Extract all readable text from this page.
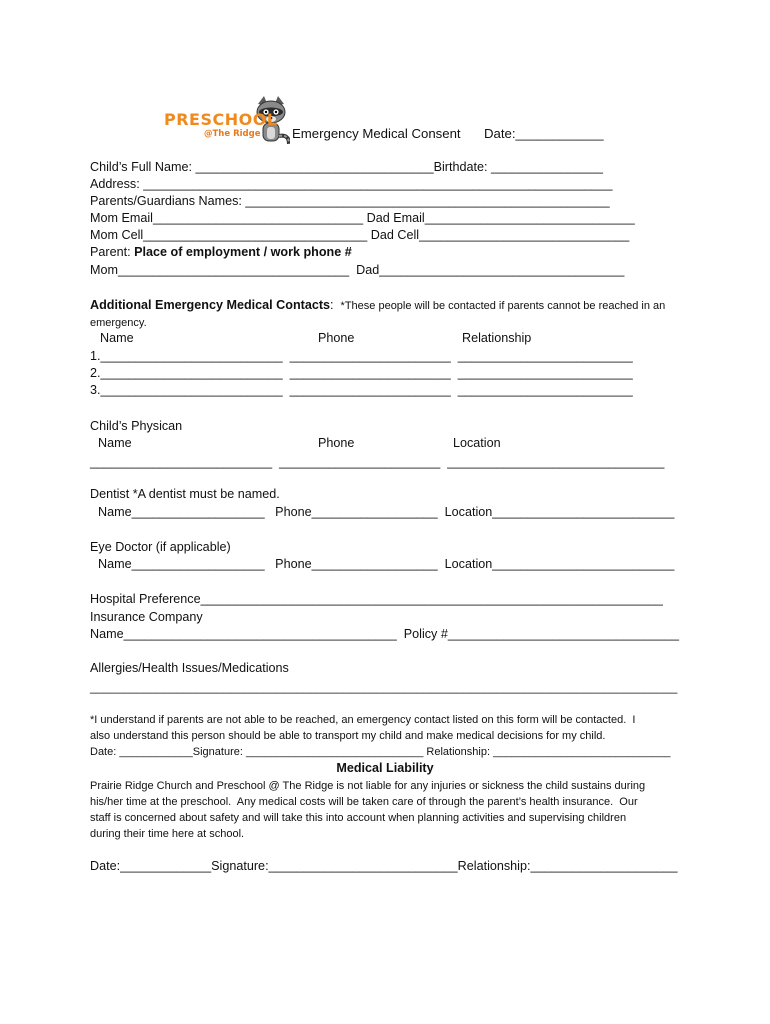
PRESCHOOL
@The Ridge Emergency Medical Consent Date:____________
Child’s Full Name: __________________________________Birthdate: ________________
Address: ___________________________________________________________________
Parents/Guardians Names: ____________________________________________________
Mom Email______________________________ Dad Email______________________________
Mom Cell________________________________ Dad Cell______________________________
Parent: Place of employment / work phone #
Mom_________________________________  Dad___________________________________
Additional Emergency Medical Contacts:  *These people will be contacted if parents cannot be reached in an
emergency.
Name	Phone	Relationship
1.__________________________  _______________________  _________________________
2.__________________________  _______________________  _________________________
3.__________________________  _______________________  _________________________
Child’s Physican
Name	Phone	Location
__________________________  _______________________  _______________________________
Dentist *A dentist must be named.
Name___________________   Phone__________________  Location__________________________
Eye Doctor (if applicable)
Name___________________   Phone__________________  Location__________________________
Hospital Preference__________________________________________________________________
Insurance Company
Name_______________________________________  Policy #_________________________________
Allergies/Health Issues/Medications
________________________________________________________________________________________
*I understand if parents are not able to be reached, an emergency contact listed on this form will be contacted.  I
also understand this person should be able to transport my child and make medical decisions for my child.
Date: ____________Signature: _____________________________ Relationship: _____________________________
Medical Liability
Prairie Ridge Church and Preschool @ The Ridge is not liable for any injuries or sickness the child sustains during
his/her time at the preschool.  Any medical costs will be taken care of through the parent’s health insurance.  Our
staff is concerned about safety and will take this into account when planning activities and supervising children
during their time here at school.
Date:_____________Signature:___________________________Relationship:_____________________
